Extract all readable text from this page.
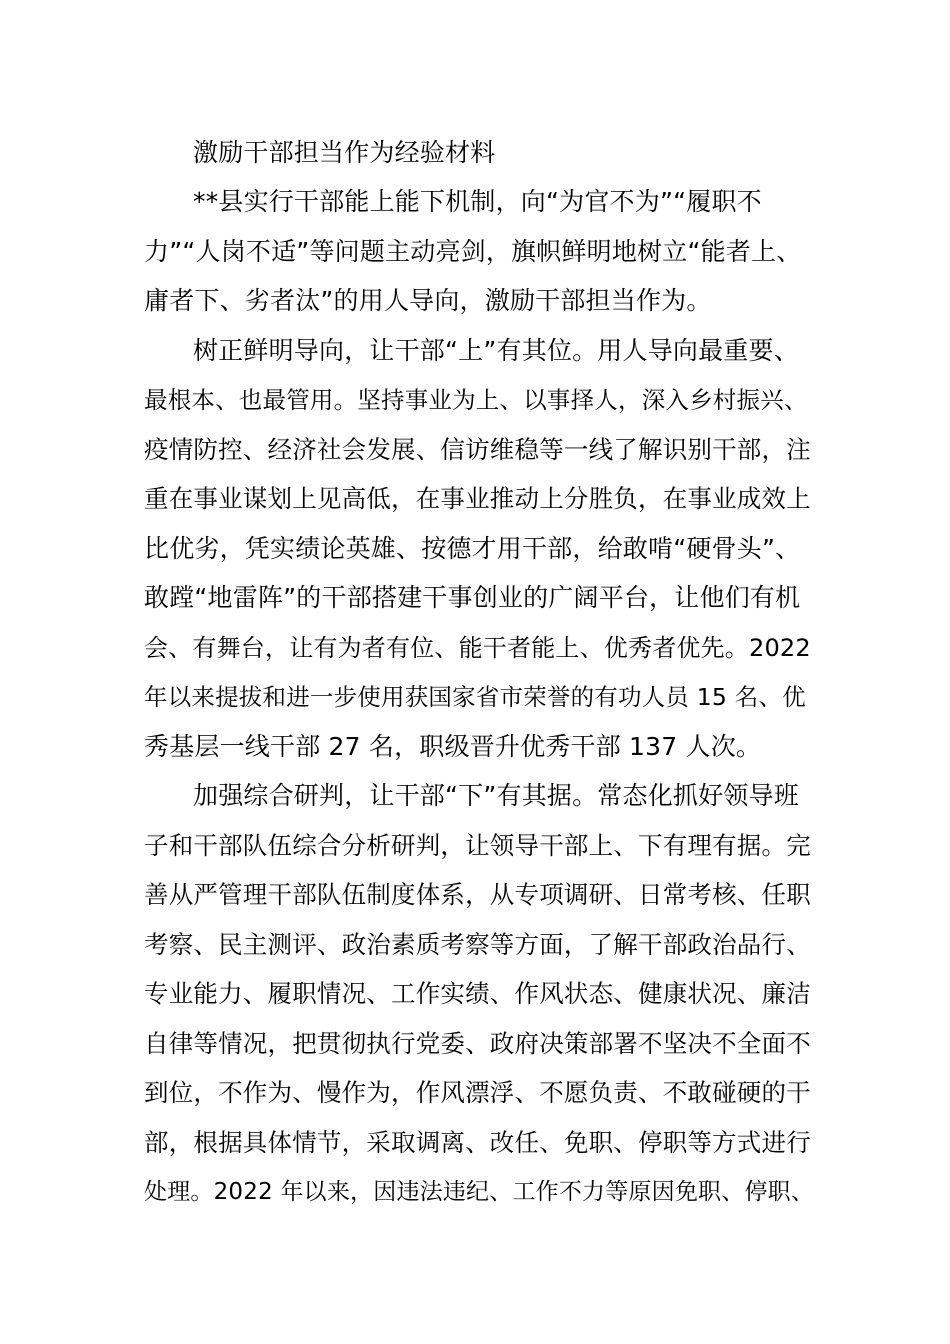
激励干部担当作为经验材料
**县实行干部能上能下机制，向“为官不为”“履职不
力”“人岗不适”等问题主动亮剑，旗帜鲜明地树立“能者上、
庸者下、劣者汰”的用人导向，激励干部担当作为。
树正鲜明导向，让干部“上”有其位。用人导向最重要、
最根本、也最管用。坚持事业为上、以事择人，深入乡村振兴、
疫情防控、经济社会发展、信访维稳等一线了解识别干部，注
重在事业谋划上见高低，在事业推动上分胜负，在事业成效上
比优劣，凭实绩论英雄、按德才用干部，给敢啃“硬骨头”、
敢蹚“地雷阵”的干部搭建干事创业的广阔平台，让他们有机
会、有舞台，让有为者有位、能干者能上、优秀者优先。2022
年以来提拔和进一步使用获国家省市荣誉的有功人员 15 名、优
秀基层一线干部 27 名，职级晋升优秀干部 137 人次。
加强综合研判，让干部“下”有其据。常态化抓好领导班
子和干部队伍综合分析研判，让领导干部上、下有理有据。完
善从严管理干部队伍制度体系，从专项调研、日常考核、任职
考察、民主测评、政治素质考察等方面，了解干部政治品行、
专业能力、履职情况、工作实绩、作风状态、健康状况、廉洁
自律等情况，把贯彻执行党委、政府决策部署不坚决不全面不
到位，不作为、慢作为，作风漂浮、不愿负责、不敢碰硬的干
部，根据具体情节，采取调离、改任、免职、停职等方式进行
处理。2022 年以来，因违法违纪、工作不力等原因免职、停职、
